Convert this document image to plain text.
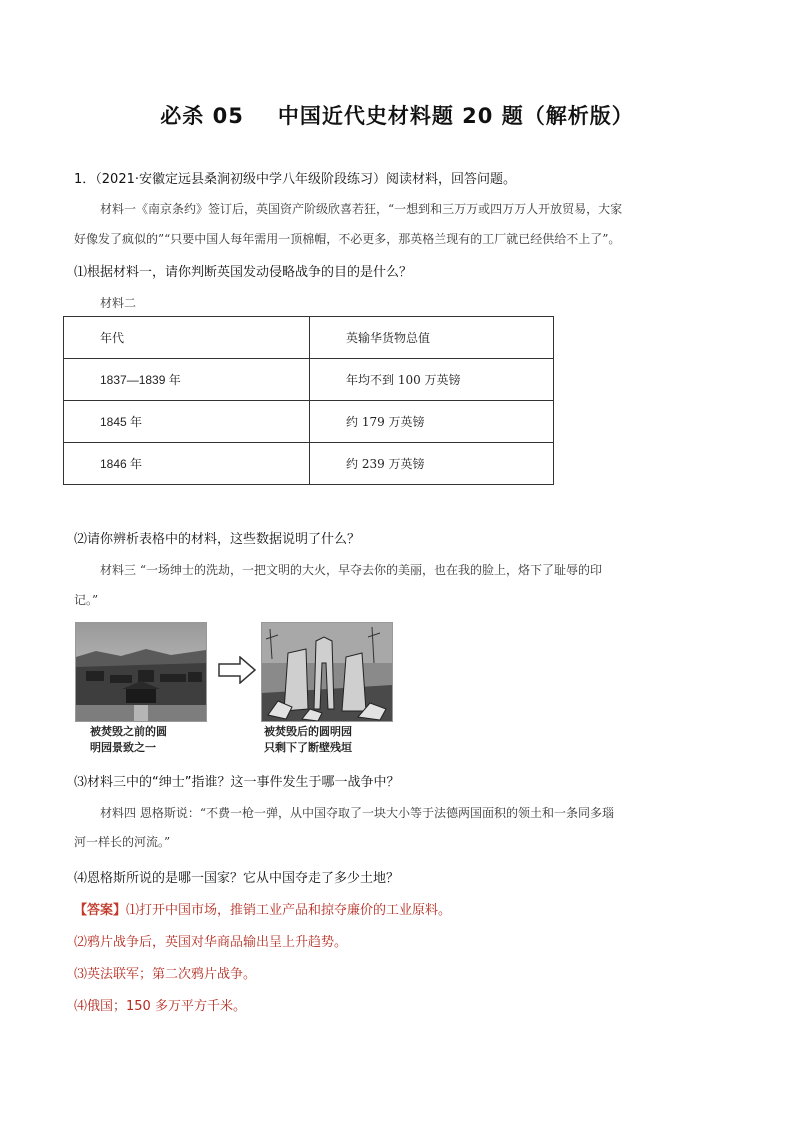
必杀 05 中国近代史材料题 20 题（解析版）
1．（2021·安徽定远县桑涧初级中学八年级阶段练习）阅读材料，回答问题。
材料一《南京条约》签订后，英国资产阶级欣喜若狂，“一想到和三万万或四万万人开放贸易，大家
好像发了疯似的”“只要中国人每年需用一顶棉帽，不必更多，那英格兰现有的工厂就已经供给不上了”。
⑴根据材料一，请你判断英国发动侵略战争的目的是什么？
材料二
年代	英输华货物总值
1837—1839 年	年均不到 100 万英镑
1845 年	约 179 万英镑
1846 年	约 239 万英镑
⑵请你辨析表格中的材料，这些数据说明了什么？
材料三 “一场绅士的洗劫，一把文明的大火，早夺去你的美丽，也在我的脸上，烙下了耻辱的印
记。”
被焚毁之前的圆
明园景致之一
被焚毁后的圆明园
只剩下了断壁残垣
⑶材料三中的“绅士”指谁？这一事件发生于哪一战争中？
材料四 恩格斯说：“不费一枪一弹，从中国夺取了一块大小等于法德两国面积的领土和一条同多瑙
河一样长的河流。”
⑷恩格斯所说的是哪一国家？它从中国夺走了多少土地？
【答案】⑴打开中国市场，推销工业产品和掠夺廉价的工业原料。
⑵鸦片战争后，英国对华商品输出呈上升趋势。
⑶英法联军；第二次鸦片战争。
⑷俄国；150 多万平方千米。
